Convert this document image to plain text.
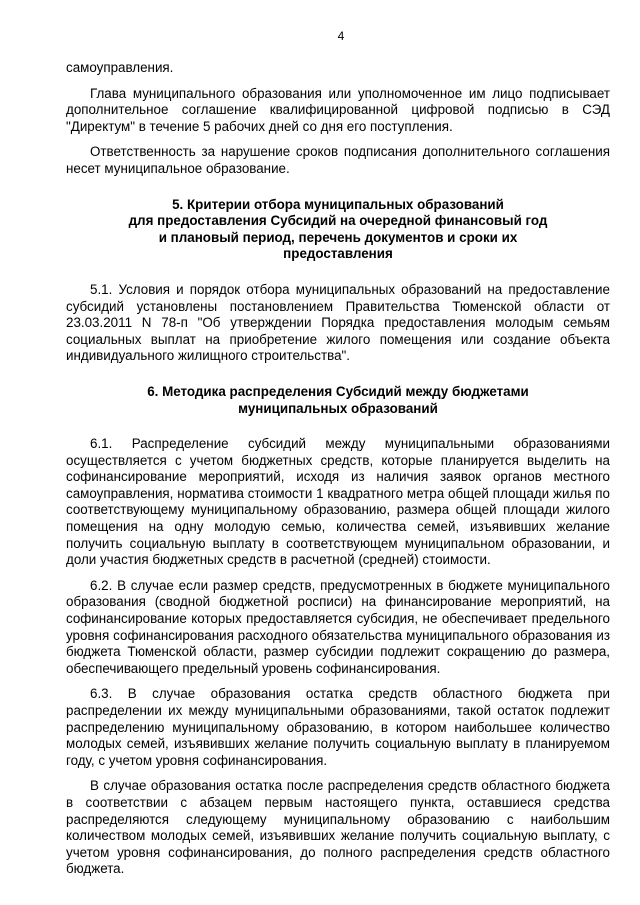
4

самоуправления.

Глава муниципального образования или уполномоченное им лицо подписывает дополнительное соглашение квалифицированной цифровой подписью в СЭД "Директум" в течение 5 рабочих дней со дня его поступления.

Ответственность за нарушение сроков подписания дополнительного соглашения несет муниципальное образование.

5. Критерии отбора муниципальных образований
для предоставления Субсидий на очередной финансовый год
и плановый период, перечень документов и сроки их
предоставления

5.1. Условия и порядок отбора муниципальных образований на предоставление субсидий установлены постановлением Правительства Тюменской области от 23.03.2011 N 78-п "Об утверждении Порядка предоставления молодым семьям социальных выплат на приобретение жилого помещения или создание объекта индивидуального жилищного строительства".

6. Методика распределения Субсидий между бюджетами
муниципальных образований

6.1. Распределение субсидий между муниципальными образованиями осуществляется с учетом бюджетных средств, которые планируется выделить на софинансирование мероприятий, исходя из наличия заявок органов местного самоуправления, норматива стоимости 1 квадратного метра общей площади жилья по соответствующему муниципальному образованию, размера общей площади жилого помещения на одну молодую семью, количества семей, изъявивших желание получить социальную выплату в соответствующем муниципальном образовании, и доли участия бюджетных средств в расчетной (средней) стоимости.

6.2. В случае если размер средств, предусмотренных в бюджете муниципального образования (сводной бюджетной росписи) на финансирование мероприятий, на софинансирование которых предоставляется субсидия, не обеспечивает предельного уровня софинансирования расходного обязательства муниципального образования из бюджета Тюменской области, размер субсидии подлежит сокращению до размера, обеспечивающего предельный уровень софинансирования.

6.3. В случае образования остатка средств областного бюджета при распределении их между муниципальными образованиями, такой остаток подлежит распределению муниципальному образованию, в котором наибольшее количество молодых семей, изъявивших желание получить социальную выплату в планируемом году, с учетом уровня софинансирования.

В случае образования остатка после распределения средств областного бюджета в соответствии с абзацем первым настоящего пункта, оставшиеся средства распределяются следующему муниципальному образованию с наибольшим количеством молодых семей, изъявивших желание получить социальную выплату, с учетом уровня софинансирования, до полного распределения средств областного бюджета.
